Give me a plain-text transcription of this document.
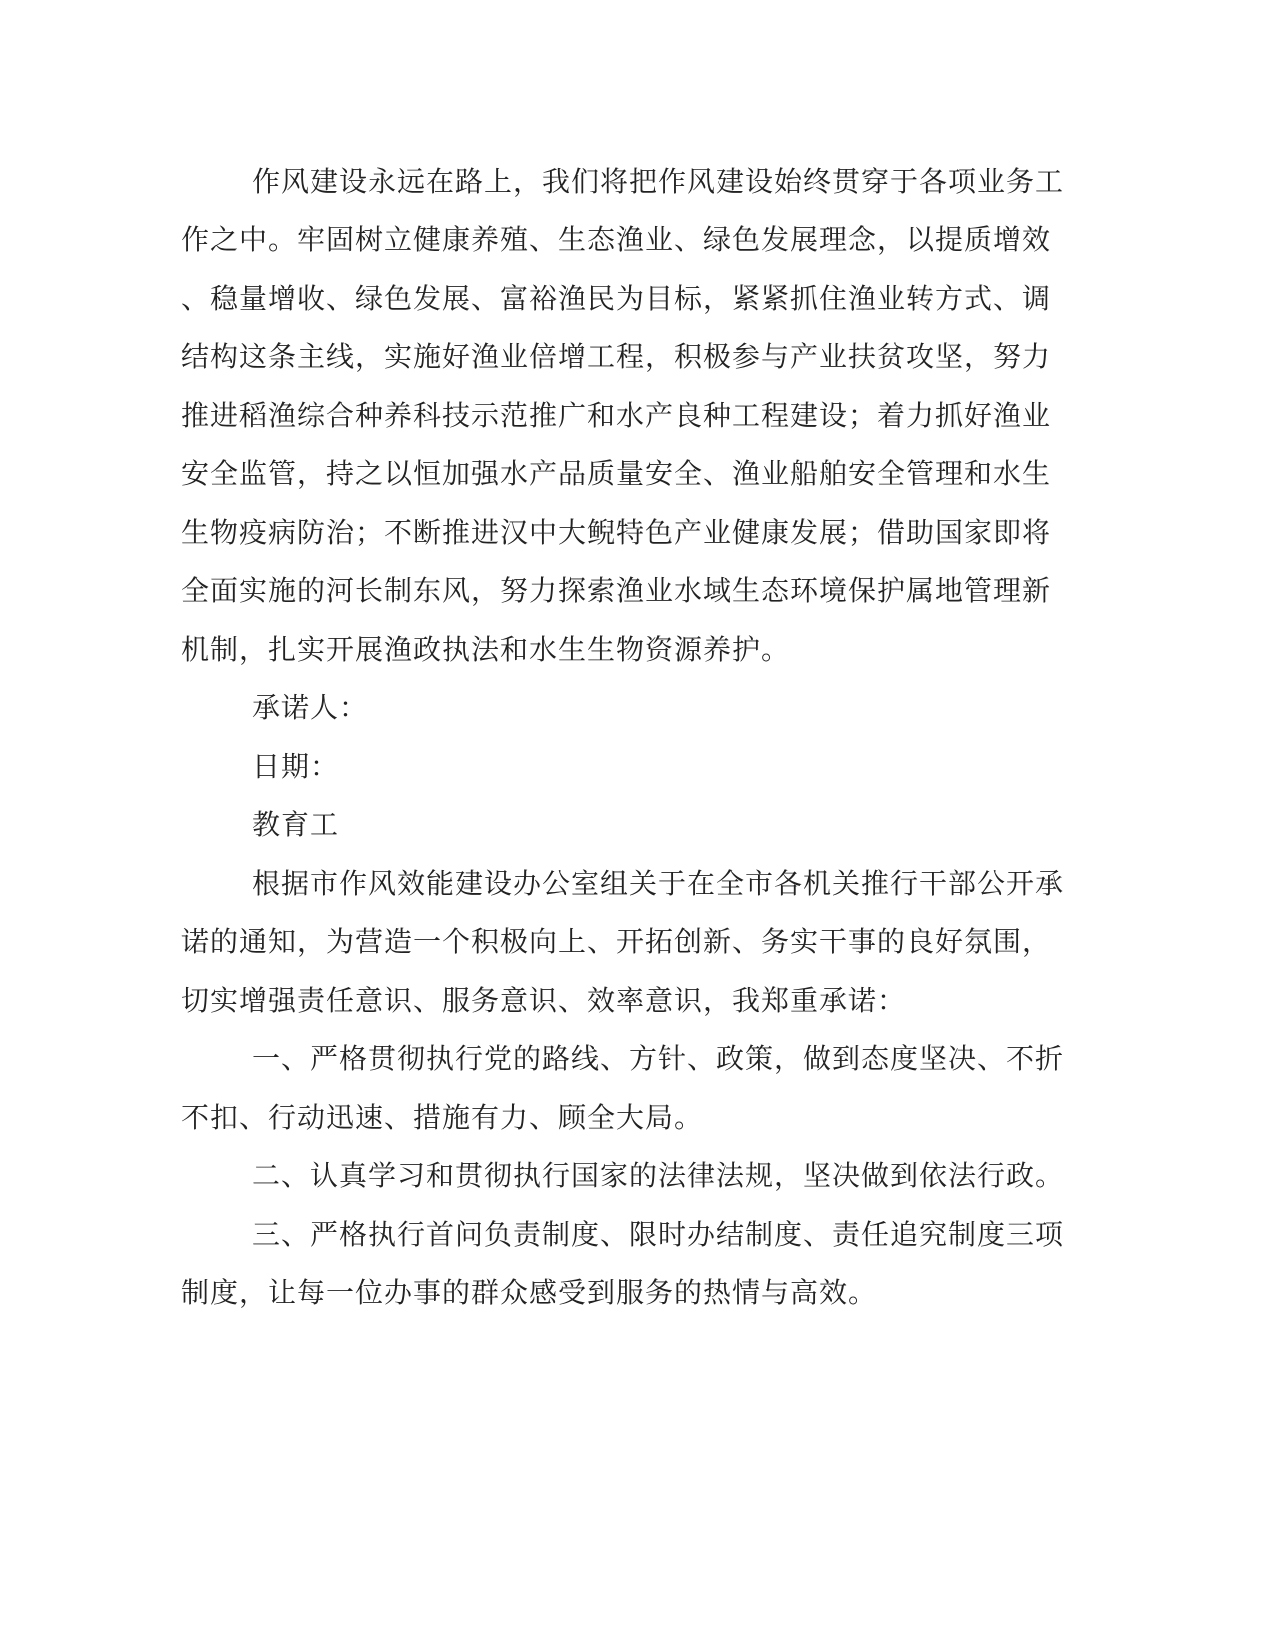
作风建设永远在路上，我们将把作风建设始终贯穿于各项业务工
作之中。牢固树立健康养殖、生态渔业、绿色发展理念，以提质增效
、稳量增收、绿色发展、富裕渔民为目标，紧紧抓住渔业转方式、调
结构这条主线，实施好渔业倍增工程，积极参与产业扶贫攻坚，努力
推进稻渔综合种养科技示范推广和水产良种工程建设；着力抓好渔业
安全监管，持之以恒加强水产品质量安全、渔业船舶安全管理和水生
生物疫病防治；不断推进汉中大鲵特色产业健康发展；借助国家即将
全面实施的河长制东风，努力探索渔业水域生态环境保护属地管理新
机制，扎实开展渔政执法和水生生物资源养护。
承诺人：
日期：
教育工
根据市作风效能建设办公室组关于在全市各机关推行干部公开承
诺的通知，为营造一个积极向上、开拓创新、务实干事的良好氛围，
切实增强责任意识、服务意识、效率意识，我郑重承诺：
一、严格贯彻执行党的路线、方针、政策，做到态度坚决、不折
不扣、行动迅速、措施有力、顾全大局。
二、认真学习和贯彻执行国家的法律法规，坚决做到依法行政。
三、严格执行首问负责制度、限时办结制度、责任追究制度三项
制度，让每一位办事的群众感受到服务的热情与高效。
